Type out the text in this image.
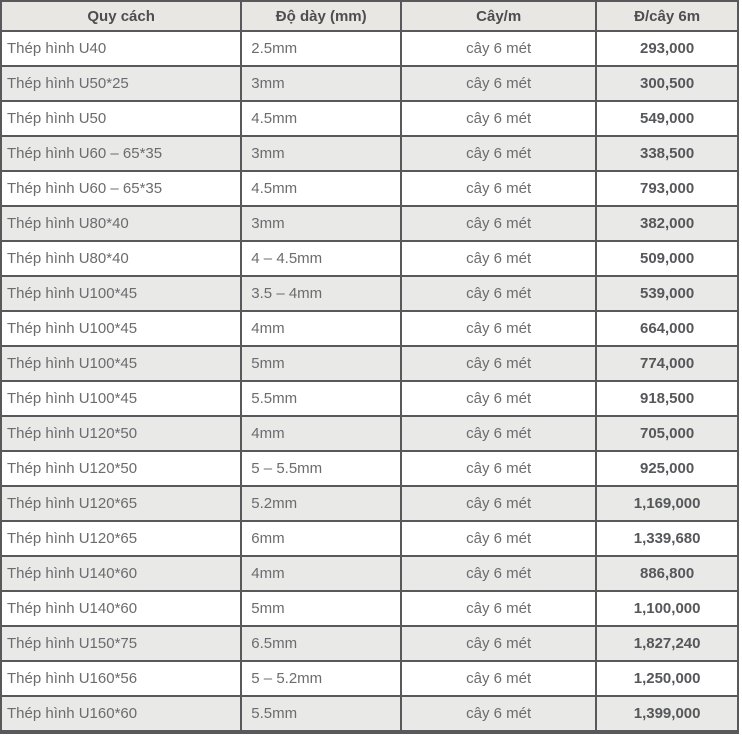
Quy cách	Độ dày (mm)	Cây/m	Đ/cây 6m
Thép hình U40	2.5mm	cây 6 mét	293,000
Thép hình U50*25	3mm	cây 6 mét	300,500
Thép hình U50	4.5mm	cây 6 mét	549,000
Thép hình U60 – 65*35	3mm	cây 6 mét	338,500
Thép hình U60 – 65*35	4.5mm	cây 6 mét	793,000
Thép hình U80*40	3mm	cây 6 mét	382,000
Thép hình U80*40	4 – 4.5mm	cây 6 mét	509,000
Thép hình U100*45	3.5 – 4mm	cây 6 mét	539,000
Thép hình U100*45	4mm	cây 6 mét	664,000
Thép hình U100*45	5mm	cây 6 mét	774,000
Thép hình U100*45	5.5mm	cây 6 mét	918,500
Thép hình U120*50	4mm	cây 6 mét	705,000
Thép hình U120*50	5 – 5.5mm	cây 6 mét	925,000
Thép hình U120*65	5.2mm	cây 6 mét	1,169,000
Thép hình U120*65	6mm	cây 6 mét	1,339,680
Thép hình U140*60	4mm	cây 6 mét	886,800
Thép hình U140*60	5mm	cây 6 mét	1,100,000
Thép hình U150*75	6.5mm	cây 6 mét	1,827,240
Thép hình U160*56	5 – 5.2mm	cây 6 mét	1,250,000
Thép hình U160*60	5.5mm	cây 6 mét	1,399,000
